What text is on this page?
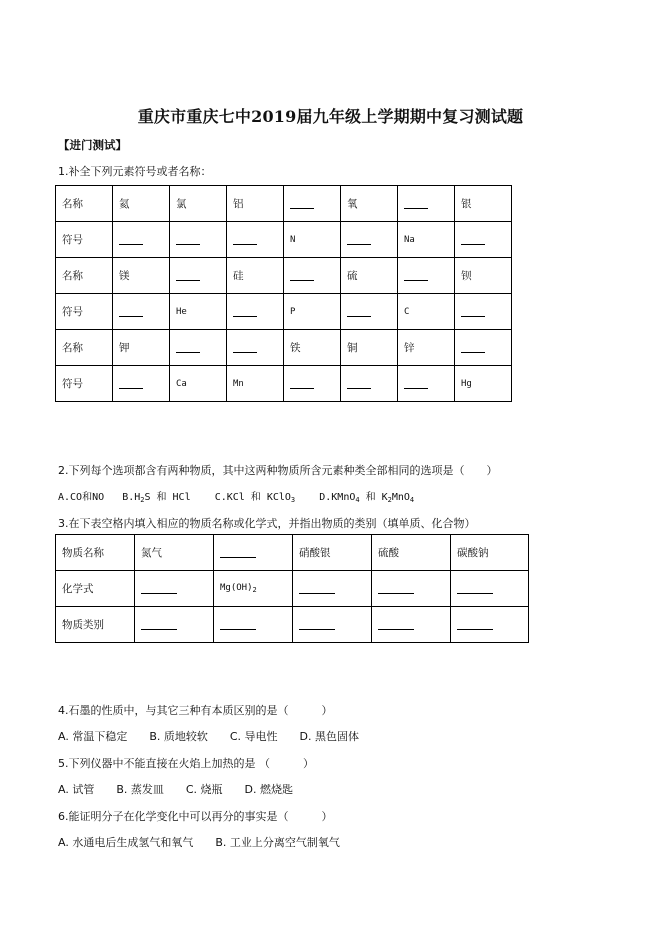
重庆市重庆七中2019届九年级上学期期中复习测试题
【进门测试】
1.补全下列元素符号或者名称：
名称	氦	氯	铝		氧		银
符号				N		Na	
名称	镁		硅		硫		钡
符号		He		P		C	
名称	钾			铁	铜	锌	
符号		Ca	Mn				Hg
2.下列每个选项都含有两种物质，其中这两种物质所含元素种类全部相同的选项是（　　）
A.CO和NO $B.H_2S$ 和 HCl C.KCl 和 KClO$_3$ D.KMnO$_4$ 和 $K_2MnO_4$
3.在下表空格内填入相应的物质名称或化学式，并指出物质的类别（填单质、化合物）
物质名称	氮气		硝酸银	硫酸	碳酸钠
化学式		$Mg(OH)_2$			
物质类别					
4.石墨的性质中，与其它三种有本质区别的是（　　　）
A. 常温下稳定　　B. 质地较软　　C. 导电性　　D. 黑色固体
5.下列仪器中不能直接在火焰上加热的是 （　　　）
A. 试管　　B. 蒸发皿　　C. 烧瓶　　D. 燃烧匙
6.能证明分子在化学变化中可以再分的事实是（　　　）
A. 水通电后生成氢气和氧气　　B. 工业上分离空气制氧气
